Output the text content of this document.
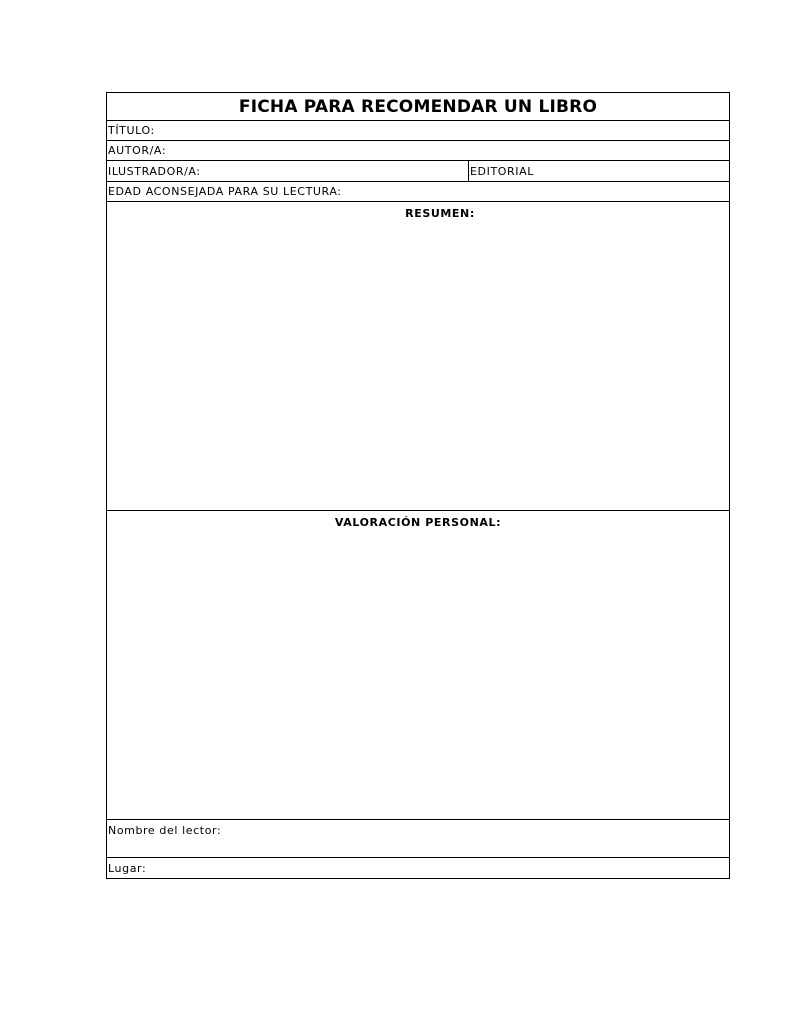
FICHA PARA RECOMENDAR UN LIBRO
TÍTULO:
AUTOR/A:
ILUSTRADOR/A:	EDITORIAL
EDAD ACONSEJADA PARA SU LECTURA:
RESUMEN:
VALORACIÓN PERSONAL:
Nombre del lector:
Lugar:
